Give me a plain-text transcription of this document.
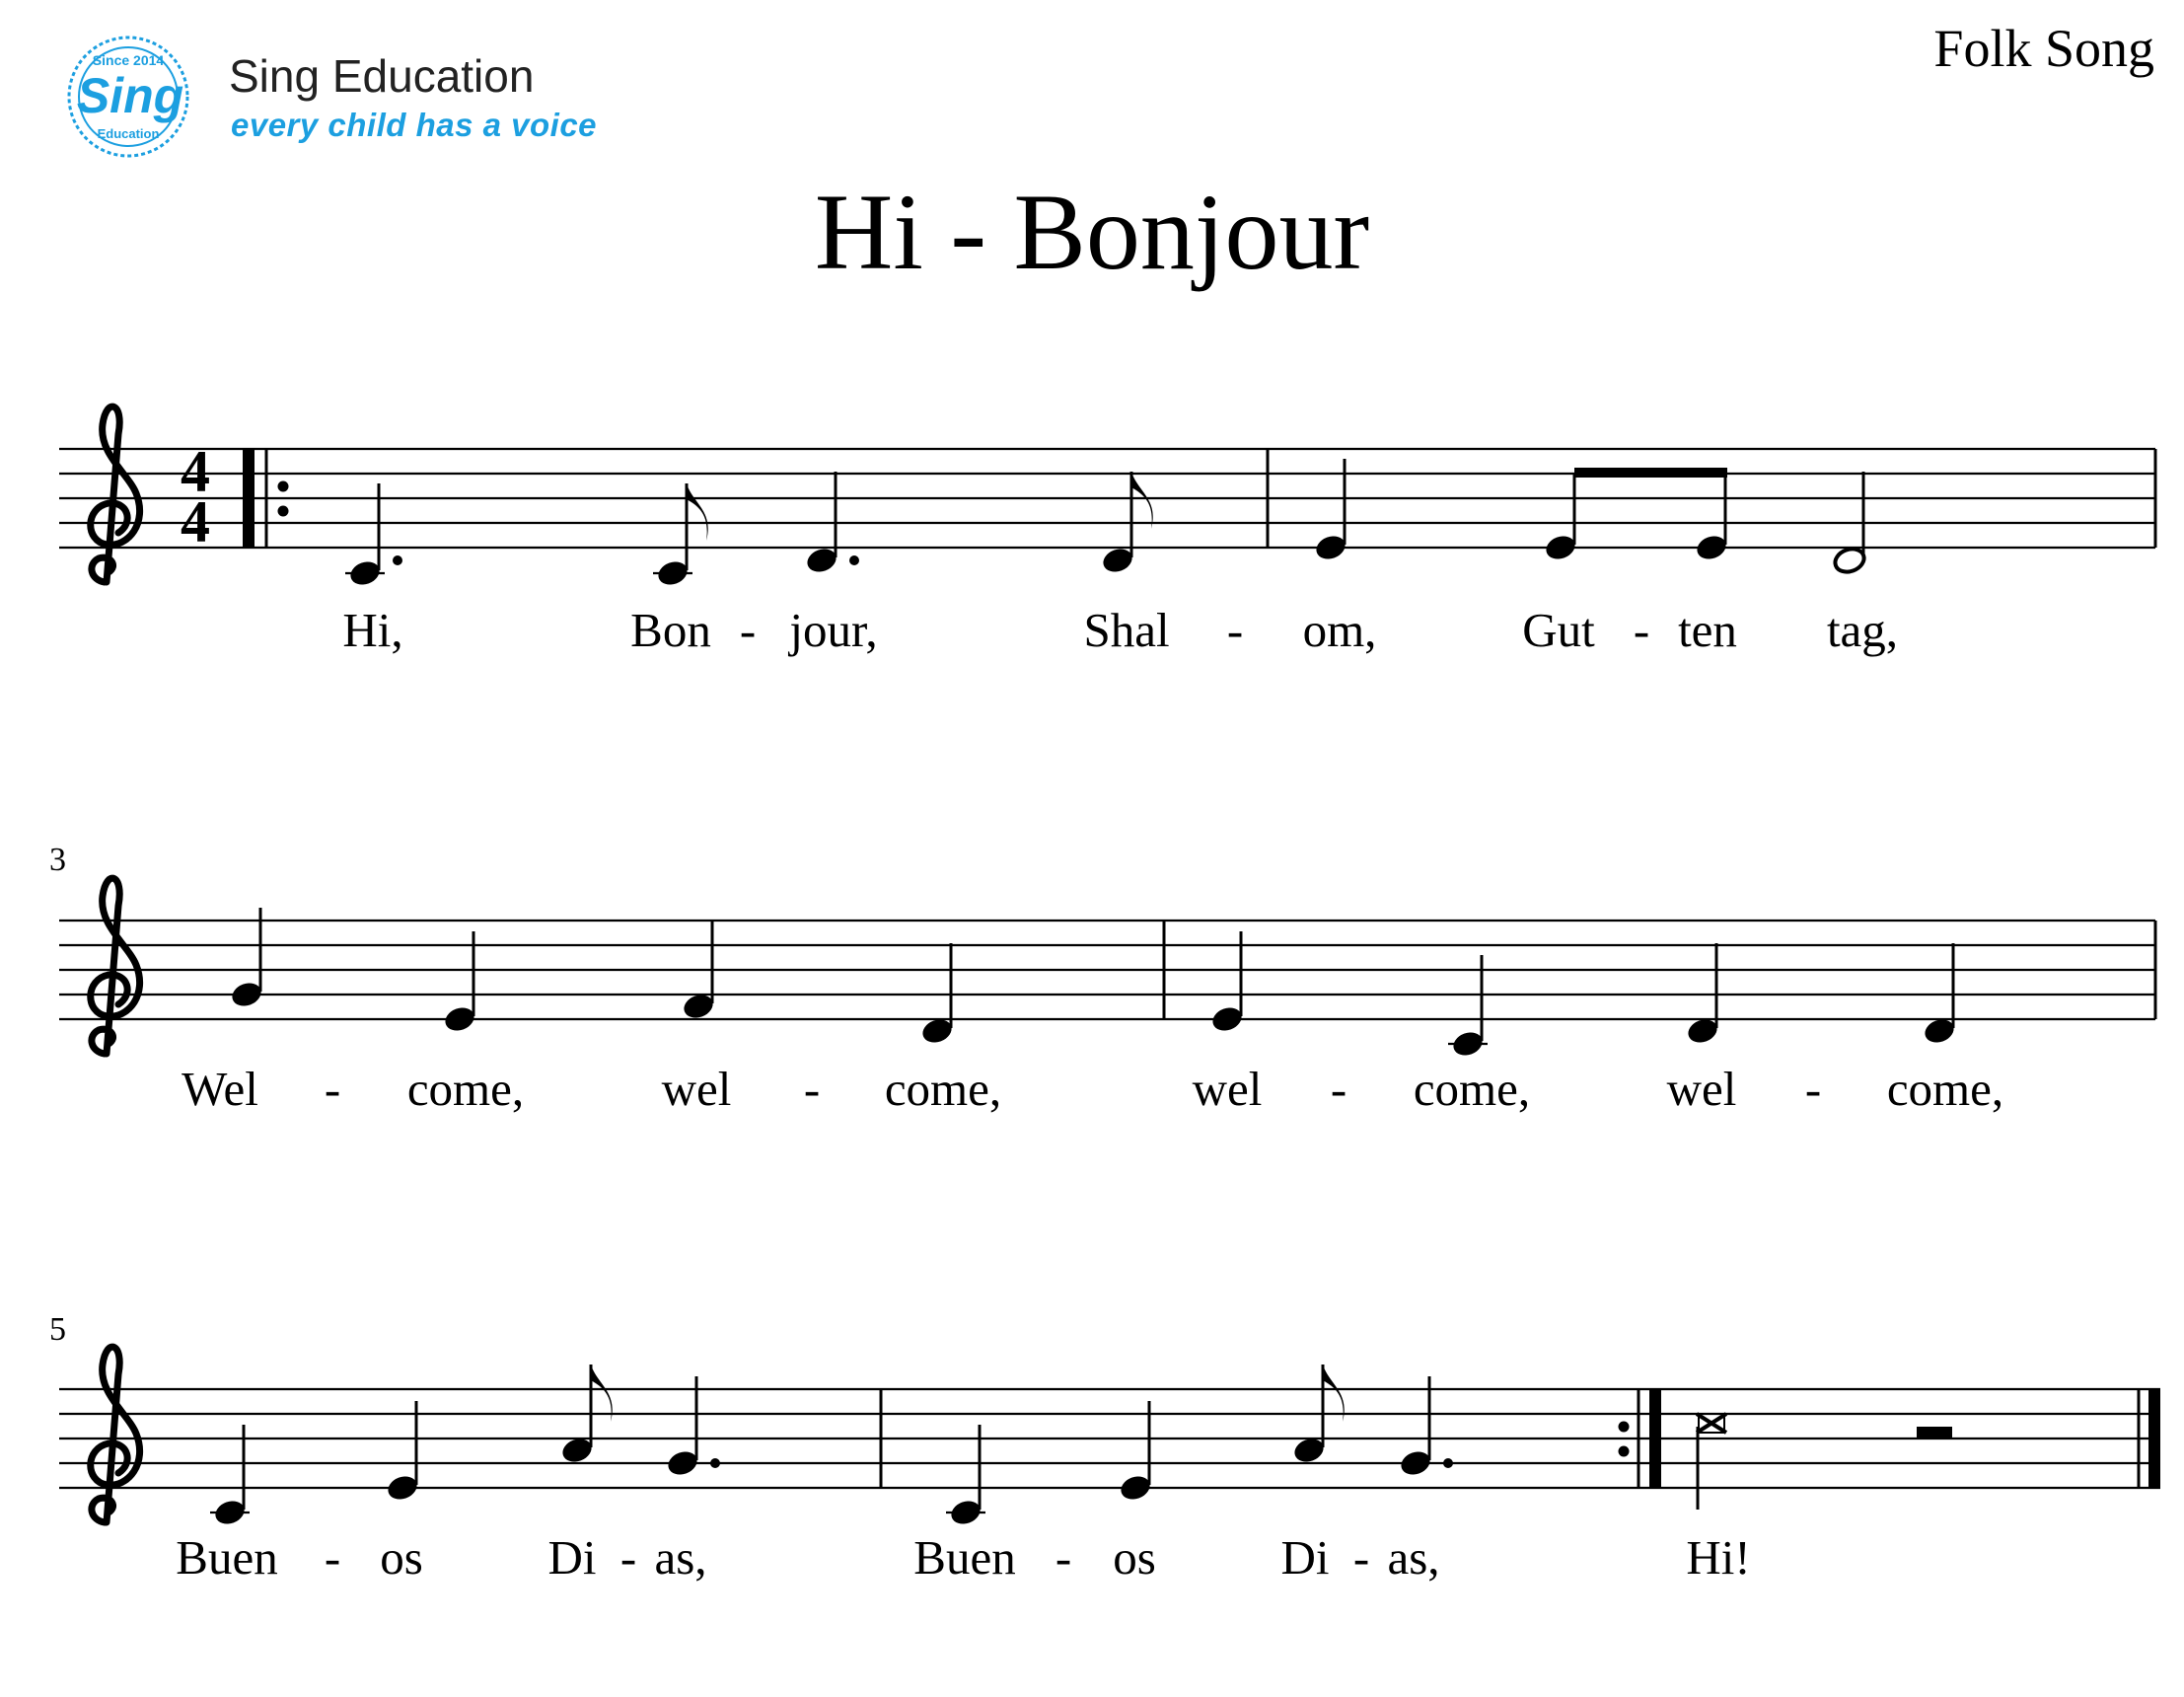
Since 2014
Sing
Education
Sing Education
every child has a voice
Folk Song
Hi - Bonjour
4
4
Hi,	Bon - jour,	Shal - om,	Gut - ten tag,
3
Wel - come,	wel - come,	wel - come,	wel - come,
5
Buen - os	Di - as,	Buen - os	Di - as,	Hi!
